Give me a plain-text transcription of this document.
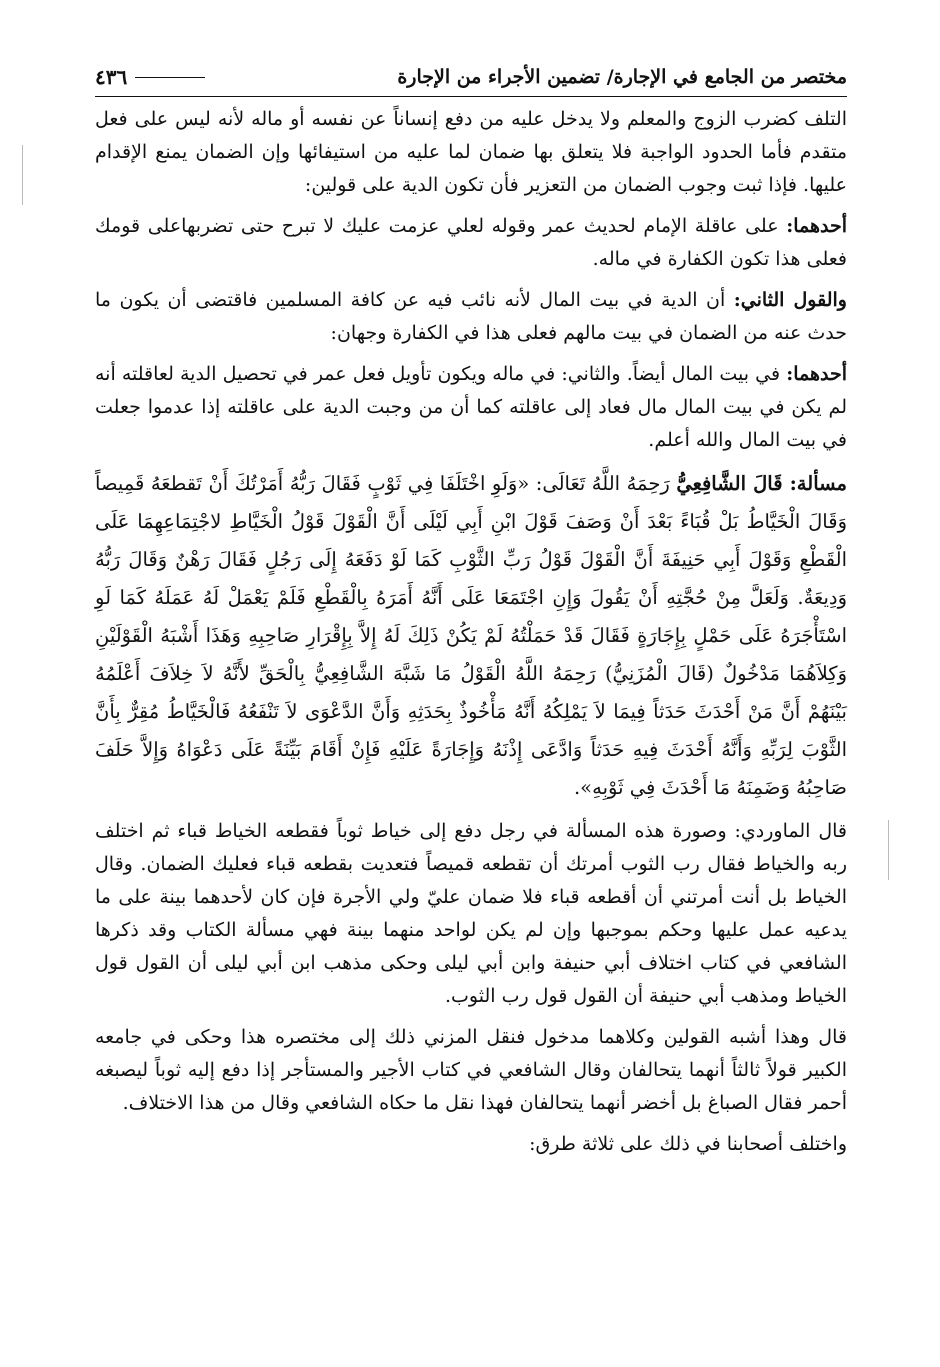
مختصر من الجامع في الإجارة/ تضمين الأجراء من الإجارة
٤٣٦

التلف كضرب الزوج والمعلم ولا يدخل عليه من دفع إنساناً عن نفسه أو ماله لأنه ليس على فعل متقدم فأما الحدود الواجبة فلا يتعلق بها ضمان لما عليه من استيفائها وإن الضمان يمنع الإقدام عليها. فإذا ثبت وجوب الضمان من التعزير فأن تكون الدية على قولين:

أحدهما: على عاقلة الإمام لحديث عمر وقوله لعلي عزمت عليك لا تبرح حتى تضربهاعلى قومك فعلى هذا تكون الكفارة في ماله.

والقول الثاني: أن الدية في بيت المال لأنه نائب فيه عن كافة المسلمين فاقتضى أن يكون ما حدث عنه من الضمان في بيت مالهم فعلى هذا في الكفارة وجهان:

أحدهما: في بيت المال أيضاً. والثاني: في ماله ويكون تأويل فعل عمر في تحصيل الدية لعاقلته أنه لم يكن في بيت المال مال فعاد إلى عاقلته كما أن من وجبت الدية على عاقلته إذا عدموا جعلت في بيت المال والله أعلم.

مسألة: قَالَ الشَّافِعِيُّ رَحِمَهُ اللَّهُ تَعَالَى: «وَلَوِ اخْتَلَفَا فِي ثَوْبٍ فَقَالَ رَبُّهُ أَمَرْتُكَ أَنْ تَقطعَهُ قَمِيصاً وَقَالَ الْخَيَّاطُ بَلْ قُبَاءً بَعْدَ أَنْ وَصَفَ قَوْلَ ابْنِ أَبِي لَيْلَى أَنَّ الْقَوْلَ قَوْلُ الْخَيَّاطِ لاجْتِمَاعِهِمَا عَلَى الْقَطْعِ وَقَوْلَ أَبِي حَنِيفَةَ أَنَّ الْقَوْلَ قَوْلُ رَبِّ الثَّوْبِ كَمَا لَوْ دَفَعَهُ إِلَى رَجُلٍ فَقَالَ رَهْنٌ وَقَالَ رَبُّهُ وَدِيعَةٌ. وَلَعَلَّ مِنْ حُجَّتِهِ أَنْ يَقُولَ وَإِنِ اجْتَمَعَا عَلَى أَنَّهُ أَمَرَهُ بِالْقَطْعِ فَلَمْ يَعْمَلْ لَهُ عَمَلَهُ كَمَا لَوِ اسْتَأْجَرَهُ عَلَى حَمْلٍ بِإِجَارَةٍ فَقَالَ قَدْ حَمَلْتُهُ لَمْ يَكُنْ ذَلِكَ لَهُ إِلاَّ بِإِقْرَارِ صَاحِبِهِ وَهَذَا أَشْبَهُ الْقَوْلَيْنِ وَكِلاَهُمَا مَدْخُولٌ (قَالَ الْمُزَنِيُّ) رَحِمَهُ اللَّهُ الْقَوْلُ مَا شَبَّهَ الشَّافِعِيُّ بِالْحَقِّ لأَنَّهُ لاَ خِلاَفَ أَعْلَمُهُ بَيْنَهُمْ أَنَّ مَنْ أَحْدَثَ حَدَثاً فِيمَا لاَ يَمْلِكُهُ أَنَّهُ مَأْخُوذٌ بِحَدَثِهِ وَأَنَّ الدَّعْوَى لاَ تَنْفَعُهُ فَالْخَيَّاطُ مُقِرٌّ بِأَنَّ الثَّوْبَ لِرَبِّهِ وَأَنَّهُ أَحْدَثَ فِيهِ حَدَثاً وَادَّعَى إِذْنَهُ وَإِجَارَةً عَلَيْهِ فَإِنْ أَقَامَ بَيِّنَةً عَلَى دَعْوَاهُ وَإِلاَّ حَلَفَ صَاحِبُهُ وَضَمِنَهُ مَا أَحْدَثَ فِي ثَوْبِهِ».

قال الماوردي: وصورة هذه المسألة في رجل دفع إلى خياط ثوباً فقطعه الخياط قباء ثم اختلف ربه والخياط فقال رب الثوب أمرتك أن تقطعه قميصاً فتعديت بقطعه قباء فعليك الضمان. وقال الخياط بل أنت أمرتني أن أقطعه قباء فلا ضمان عليّ ولي الأجرة فإن كان لأحدهما بينة على ما يدعيه عمل عليها وحكم بموجبها وإن لم يكن لواحد منهما بينة فهي مسألة الكتاب وقد ذكرها الشافعي في كتاب اختلاف أبي حنيفة وابن أبي ليلى وحكى مذهب ابن أبي ليلى أن القول قول الخياط ومذهب أبي حنيفة أن القول قول رب الثوب.

قال وهذا أشبه القولين وكلاهما مدخول فنقل المزني ذلك إلى مختصره هذا وحكى في جامعه الكبير قولاً ثالثاً أنهما يتحالفان وقال الشافعي في كتاب الأجير والمستأجر إذا دفع إليه ثوباً ليصبغه أحمر فقال الصباغ بل أخضر أنهما يتحالفان فهذا نقل ما حكاه الشافعي وقال من هذا الاختلاف.

واختلف أصحابنا في ذلك على ثلاثة طرق:
